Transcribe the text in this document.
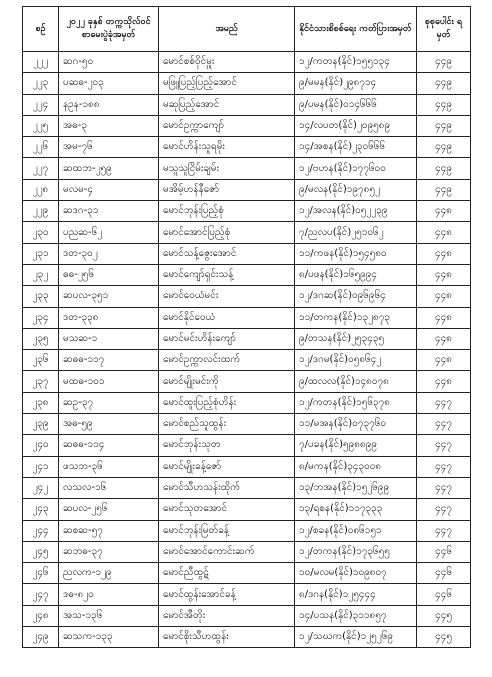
စဉ်	၂၀၂၂ ခုနှစ် တက္ကသိုလ်ဝင် စာမေးပွဲခုံအမှတ်	အမည်	နိုင်ငံသားစိစစ်ရေး ကတ်ပြားအမှတ်	စုစုပေါင်း ရမှတ်
၂၂၂	ဆဂ-၅၀	မောင်စစ်ဝိုင်မှူး	၁၂/ကတန(နိုင်)၁၅၅၁၃၄	၄၄၉
၂၂၃	ပဆဓ-၂၀၃	မဖြူပြည့်ပြည့်အောင်	၉/မမန(နိုင်)၂၉၈၇၁၄	၄၄၉
၂၂၄	နဥန-၁၈၈	မဆုပြည့်အောင်	၉/ပမန(နိုင်)၀၁၄၆၆၆	၄၄၉
၂၂၅	အဓ-၃	မောင်ဥက္ကာကျော်	၁၄/လပတ(နိုင်)၂၀၉၅၈၉	၄၄၉
၂၂၆	အမ-၇၆	မောင်ဟိန်းသူရမိုး	၁၄/အစန(နိုင်)၂၃၀၆၆၆	၄၄၉
၂၂၇	ဆထဘ-၂၅၉	မသူသူငြိမ်းချမ်း	၁၂/ဗဟန(နိုင်)၁၇၇၆၀၀	၄၄၉
၂၂၈	မလမ-၄	မအိမ့်ဟန်နီဇော်	၉/မလန(နိုင်)၁၉၇၈၅၂	၄၄၉
၂၂၉	ဆဒဂ-၃၁	မောင်ဘုန်းပြည့်စုံ	၁၂/အလန(နိုင်)၀၅၂၂၃၉	၄၄၈
၂၃၀	ပညဆ-၆၂	မောင်အောင်ပြည့်စုံ	၇/ညလပ(နိုင်)၂၅၁၀၆၂	၄၄၈
၂၃၁	ဒတ-၃၀၂	မောင်သန့်ဇွေးအောင်	၁၁/ကဖန(နိုင်)၁၅၄၅၈၀	၄၄၈
၂၃၂	ဓဓ-၂၅၆	မောင်ကျော်ရှင်းသန့်	၈/ပဖန(နိုင်)၁၆၅၉၉၄	၄၄၈
၂၃၃	ဆပလ-၃၅၁	မောင်ဝေယံမင်း	၁၂/ဒဂဆ(နိုင်)၀၉၆၉၆၄	၄၄၈
၂၃၄	ဒတ-၃၃၈	မောင်နိုင်ဝေယံ	၁၁/တကန(နိုင်)၁၃၂၈၇၃	၄၄၈
၂၃၅	မသဆ-၁	မောင်မင်းဟိန်းကျော်	၉/တသန(နိုင်)၂၅၃၄၃၅	၄၄၈
၂၃၆	ဆဓဓ-၁၁၇	မောင်ဥက္ကာလင်းထက်	၁၂/ဒဂမ(နိုင်)၀၅၈၆၄၂	၄၄၈
၂၃၇	မထဓ-၁၀၁	မောင်မျိုးမင်းကို	၉/ထလလ(နိုင်)၁၄၈၀၇၈	၄၄၈
၂၃၈	ဆဥ-၃၇	မောင်ထူးပြည့်စုံဟိန်း	၁၂/ကတန(နိုင်)၁၅၆၃၇၈	၄၄၇
၂၃၉	အဓ-၅၉	မောင်စည်သူထွန်း	၁၁/မအန(နိုင်)၀၇၃၇၆၀	၄၄၇
၂၄၀	ဆဓဓ-၁၁၄	မောင်ဘုန်းသုတ	၇/ပခန(နိုင်)၅၉၈၈၉၉	၄၄၇
၂၄၁	ဖသဘ-၃၆	မောင်မျိုးခန့်ဇော်	၈/မကန(နိုင်)၃၄၃၀၀၈	၄၄၇
၂၄၂	လသလ-၁၆	မောင်သီဟသန်းထိုက်	၁၃/ဘအန(နိုင်)၁၅၂၆၉၉	၄၄၇
၂၄၃	ဆပလ-၂၅၆	မောင်သုတအောင်	၁၃/ရစန(နိုင်)၁၁၇၃၃၃	၄၄၇
၂၄၄	ဆစဆ-၅၇	မောင်ဘုန်းမြတ်ခန့်	၁၂/စခန(နိုင်)၀၈၆၁၅၁	၄၄၇
၂၄၅	ဆဘဓ-၃၇	မောင်အောင်ကောင်းဆက်	၁၂/တကန(နိုင်)၁၇၃၆၅၅	၄၄၆
၂၄၆	ညလက-၁၂၉	မောင်ညီထွဋ်	၁၀/မလမ(နိုင်)၁၀၉၈၀၇	၄၄၆
၂၄၇	ဒဓ-၈၂၀	မောင်ထွန်းအောင်ခန့်	၈/ဒဂန(နိုင်)၁၂၅၄၄၄	၄၄၆
၂၄၈	အသ-၁၃၆	မောင်အီတိုး	၁၄/ပသန(နိုင်)၃၁၁၈၅၇	၄၄၅
၂၄၉	ဆသက-၁၃၃	မောင်စိုးသီဟထွန်း	၁၂/သဃက(နိုင်)၁၂၅၂၆၉	၄၄၅
